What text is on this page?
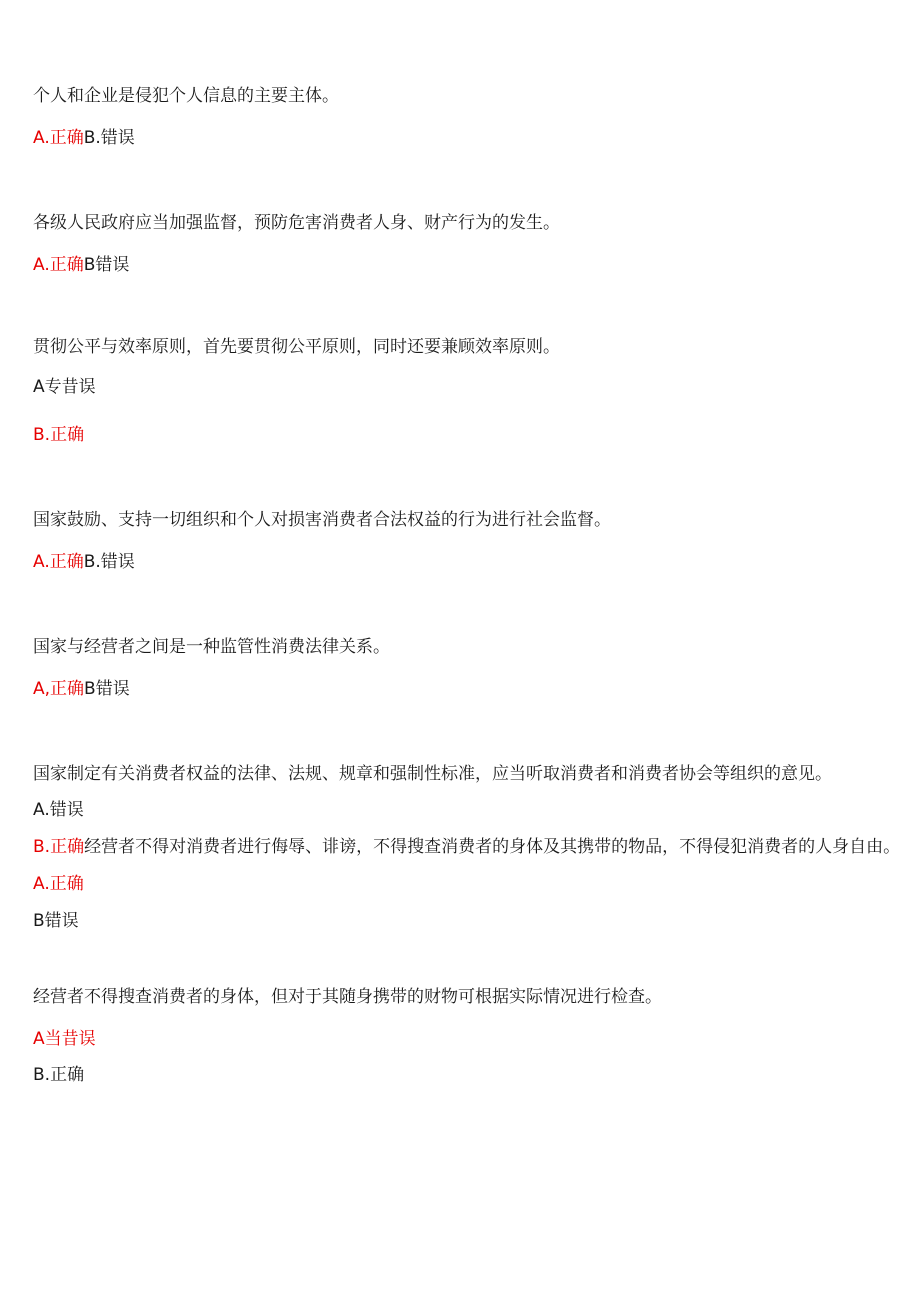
个人和企业是侵犯个人信息的主要主体。
A.正确B.错误
各级人民政府应当加强监督，预防危害消费者人身、财产行为的发生。
A.正确B错误
贯彻公平与效率原则，首先要贯彻公平原则，同时还要兼顾效率原则。
A专昔误
B.正确
国家鼓励、支持一切组织和个人对损害消费者合法权益的行为进行社会监督。
A.正确B.错误
国家与经营者之间是一种监管性消费法律关系。
A,正确B错误
国家制定有关消费者权益的法律、法规、规章和强制性标准，应当听取消费者和消费者协会等组织的意见。
A.错误
B.正确经营者不得对消费者进行侮辱、诽谤，不得搜查消费者的身体及其携带的物品，不得侵犯消费者的人身自由。
A.正确
B错误
经营者不得搜查消费者的身体，但对于其随身携带的财物可根据实际情况进行检查。
A当昔误
B.正确
